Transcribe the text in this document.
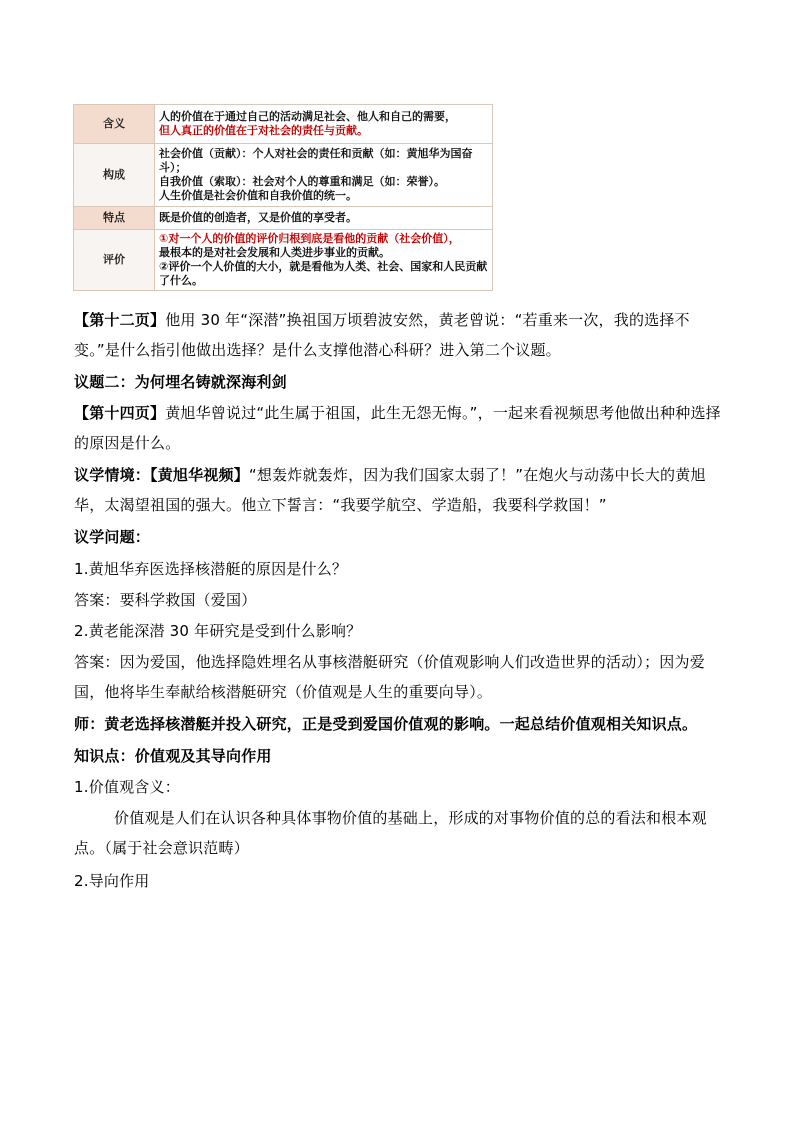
含义	人的价值在于通过自己的活动满足社会、他人和自己的需要，
但人真正的价值在于对社会的责任与贡献。

构成	社会价值（贡献）：个人对社会的责任和贡献（如：黄旭华为国奋斗）；
自我价值（索取）：社会对个人的尊重和满足（如：荣誉）。
人生价值是社会价值和自我价值的统一。

特点	既是价值的创造者，又是价值的享受者。

评价	①对一个人的价值的评价归根到底是看他的贡献（社会价值），
最根本的是对社会发展和人类进步事业的贡献。
②评价一个人价值的大小，就是看他为人类、社会、国家和人民贡献了什么。
【第十二页】他用 30 年“深潜”换祖国万顷碧波安然，黄老曾说：“若重来一次，我的选择不变。”是什么指引他做出选择？是什么支撑他潜心科研？进入第二个议题。
议题二：为何埋名铸就深海利剑
【第十四页】黄旭华曾说过“此生属于祖国，此生无怨无悔。”，一起来看视频思考他做出种种选择的原因是什么。
议学情境：【黄旭华视频】“想轰炸就轰炸，因为我们国家太弱了！”在炮火与动荡中长大的黄旭华，太渴望祖国的强大。他立下誓言：“我要学航空、学造船，我要科学救国！”
议学问题：
1.黄旭华弃医选择核潜艇的原因是什么？
答案：要科学救国（爱国）
2.黄老能深潜 30 年研究是受到什么影响？
答案：因为爱国，他选择隐姓埋名从事核潜艇研究（价值观影响人们改造世界的活动）；因为爱国，他将毕生奉献给核潜艇研究（价值观是人生的重要向导）。
师：黄老选择核潜艇并投入研究，正是受到爱国价值观的影响。一起总结价值观相关知识点。
知识点：价值观及其导向作用
1.价值观含义：
价值观是人们在认识各种具体事物价值的基础上，形成的对事物价值的总的看法和根本观点。（属于社会意识范畴）
2.导向作用
